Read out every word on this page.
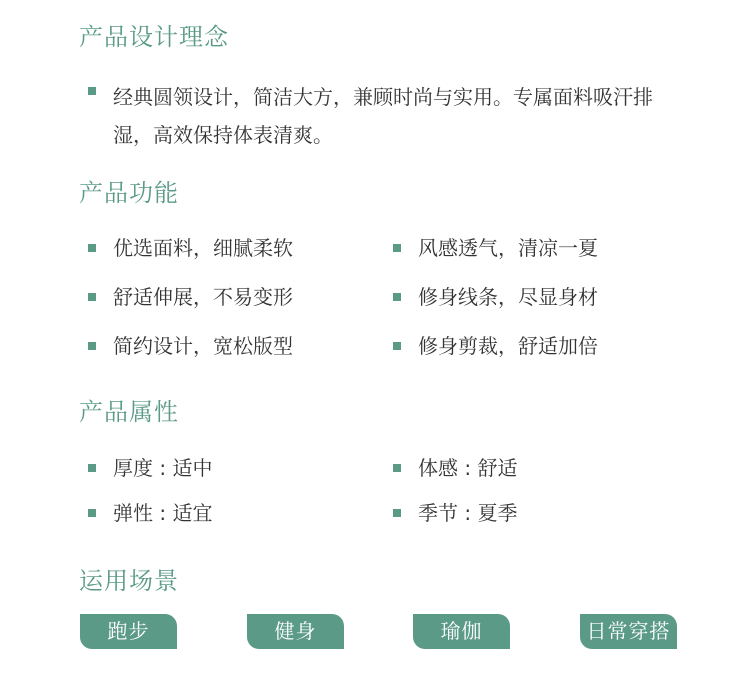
产品设计理念

经典圆领设计，简洁大方，兼顾时尚与实用。专属面料吸汗排湿，高效保持体表清爽。

产品功能
优选面料，细腻柔软	风感透气，清凉一夏
舒适伸展，不易变形	修身线条，尽显身材
简约设计，宽松版型	修身剪裁，舒适加倍
产品属性
厚度 : 适中	体感 : 舒适
弹性 : 适宜	季节 : 夏季
运用场景
跑步	健身	瑜伽	日常穿搭
